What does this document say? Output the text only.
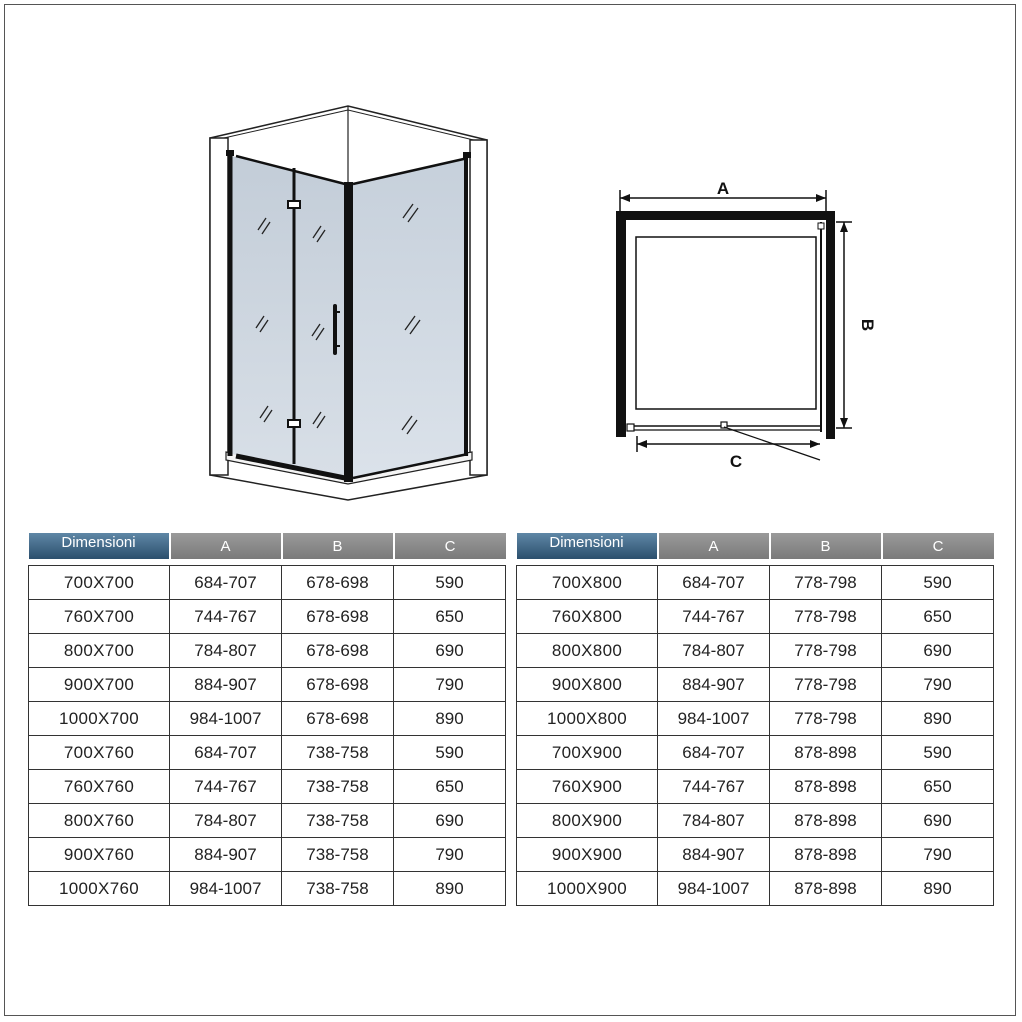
A
B
C
Dimensioni	A	B	C

700X700	684-707	678-698	590
760X700	744-767	678-698	650
800X700	784-807	678-698	690
900X700	884-907	678-698	790
1000X700	984-1007	678-698	890
700X760	684-707	738-758	590
760X760	744-767	738-758	650
800X760	784-807	738-758	690
900X760	884-907	738-758	790
1000X760	984-1007	738-758	890
Dimensioni	A	B	C

700X800	684-707	778-798	590
760X800	744-767	778-798	650
800X800	784-807	778-798	690
900X800	884-907	778-798	790
1000X800	984-1007	778-798	890
700X900	684-707	878-898	590
760X900	744-767	878-898	650
800X900	784-807	878-898	690
900X900	884-907	878-898	790
1000X900	984-1007	878-898	890
